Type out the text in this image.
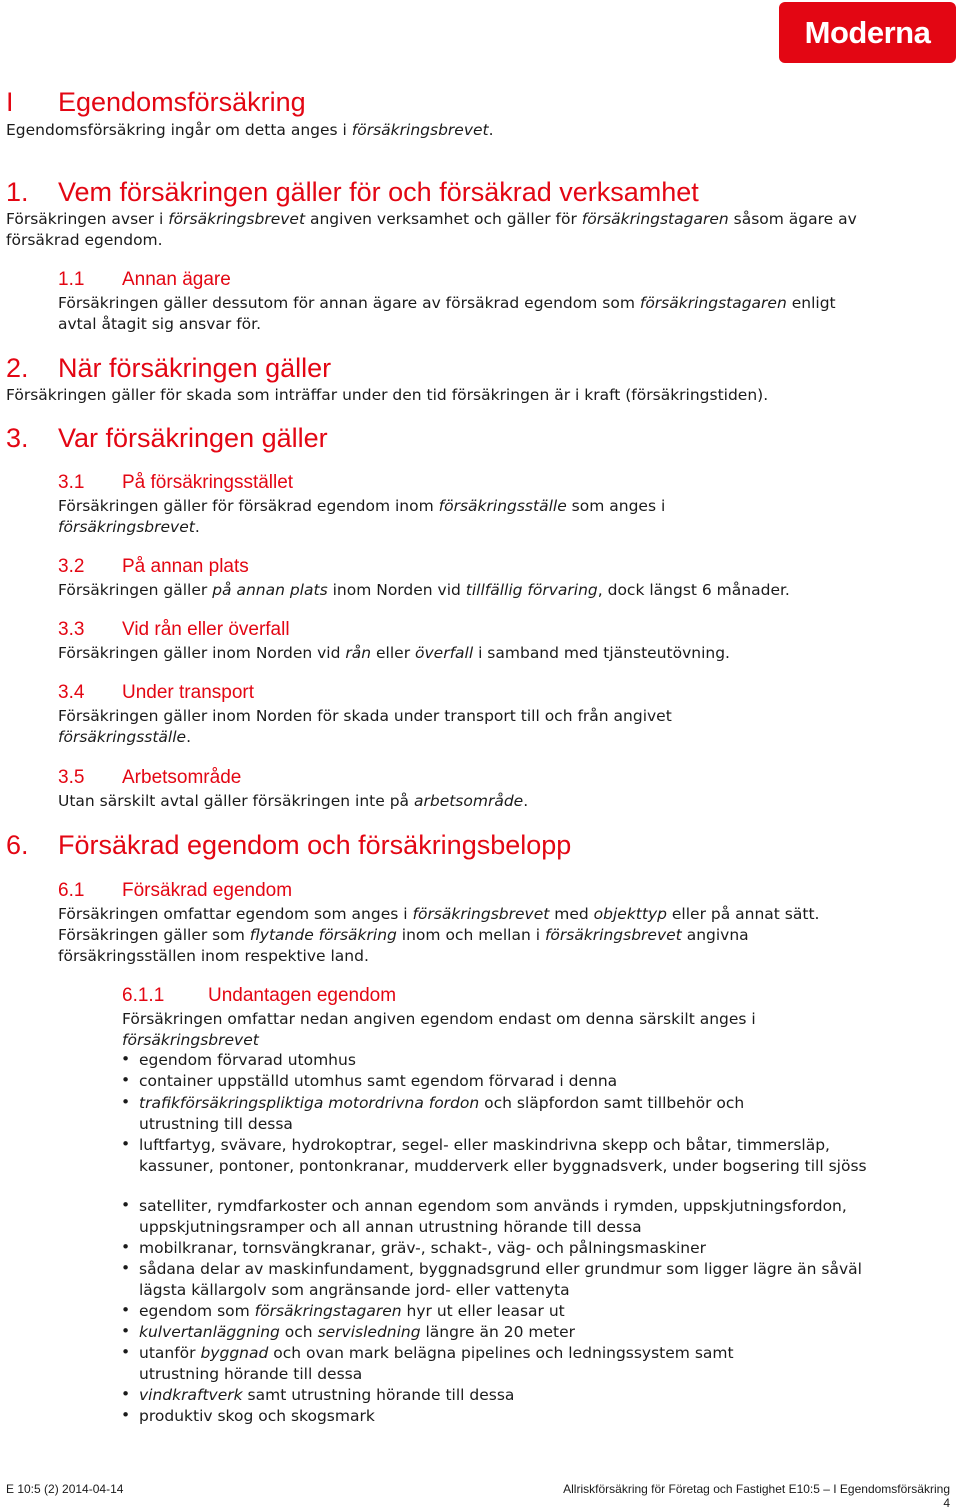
Moderna
I Egendomsförsäkring
Egendomsförsäkring ingår om detta anges i försäkringsbrevet.
1. Vem försäkringen gäller för och försäkrad verksamhet
Försäkringen avser i försäkringsbrevet angiven verksamhet och gäller för försäkringstagaren såsom ägare av försäkrad egendom.
1.1 Annan ägare
Försäkringen gäller dessutom för annan ägare av försäkrad egendom som försäkringstagaren enligt avtal åtagit sig ansvar för.
2. När försäkringen gäller
Försäkringen gäller för skada som inträffar under den tid försäkringen är i kraft (försäkringstiden).
3. Var försäkringen gäller
3.1 På försäkringsstället
Försäkringen gäller för försäkrad egendom inom försäkringsställe som anges i försäkringsbrevet.
3.2 På annan plats
Försäkringen gäller på annan plats inom Norden vid tillfällig förvaring, dock längst 6 månader.
3.3 Vid rån eller överfall
Försäkringen gäller inom Norden vid rån eller överfall i samband med tjänsteutövning.
3.4 Under transport
Försäkringen gäller inom Norden för skada under transport till och från angivet försäkringsställe.
3.5 Arbetsområde
Utan särskilt avtal gäller försäkringen inte på arbetsområde.
6. Försäkrad egendom och försäkringsbelopp
6.1 Försäkrad egendom
Försäkringen omfattar egendom som anges i försäkringsbrevet med objekttyp eller på annat sätt. Försäkringen gäller som flytande försäkring inom och mellan i försäkringsbrevet angivna försäkringsställen inom respektive land.
6.1.1 Undantagen egendom
Försäkringen omfattar nedan angiven egendom endast om denna särskilt anges i försäkringsbrevet
• egendom förvarad utomhus
• container uppställd utomhus samt egendom förvarad i denna
• trafikförsäkringspliktiga motordrivna fordon och släpfordon samt tillbehör och utrustning till dessa
• luftfartyg, svävare, hydrokoptrar, segel- eller maskindrivna skepp och båtar, timmersläp, kassuner, pontoner, pontonkranar, mudderverk eller byggnadsverk, under bogsering till sjöss
• satelliter, rymdfarkoster och annan egendom som används i rymden, uppskjutningsfordon, uppskjutningsramper och all annan utrustning hörande till dessa
• mobilkranar, tornsvängkranar, gräv-, schakt-, väg- och pålningsmaskiner
• sådana delar av maskinfundament, byggnadsgrund eller grundmur som ligger lägre än såväl lägsta källargolv som angränsande jord- eller vattenyta
• egendom som försäkringstagaren hyr ut eller leasar ut
• kulvertanläggning och servisledning längre än 20 meter
• utanför byggnad och ovan mark belägna pipelines och ledningssystem samt utrustning hörande till dessa
• vindkraftverk samt utrustning hörande till dessa
• produktiv skog och skogsmark
E 10:5 (2) 2014-04-14	Allriskförsäkring för Företag och Fastighet E10:5 – I Egendomsförsäkring
4
